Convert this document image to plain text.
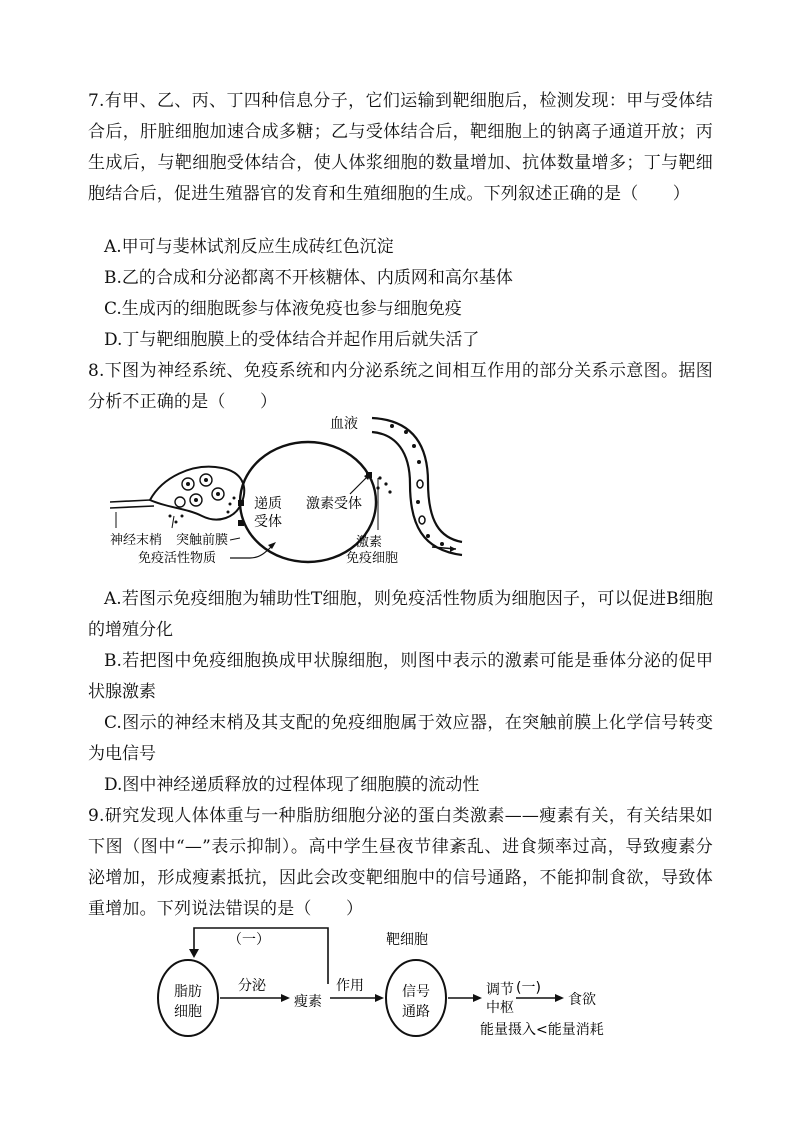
7.有甲、乙、丙、丁四种信息分子，它们运输到靶细胞后，检测发现：甲与受体结合后，肝脏细胞加速合成多糖；乙与受体结合后，靶细胞上的钠离子通道开放；丙生成后，与靶细胞受体结合，使人体浆细胞的数量增加、抗体数量增多；丁与靶细胞结合后，促进生殖器官的发育和生殖细胞的生成。下列叙述正确的是（　　）
A.甲可与斐林试剂反应生成砖红色沉淀
B.乙的合成和分泌都离不开核糖体、内质网和高尔基体
C.生成丙的细胞既参与体液免疫也参与细胞免疫
D.丁与靶细胞膜上的受体结合并起作用后就失活了
8.下图为神经系统、免疫系统和内分泌系统之间相互作用的部分关系示意图。据图分析不正确的是（　　）
血液
递质
受体
激素受体
神经末梢 突触前膜
免疫活性物质
激素
免疫细胞
A.若图示免疫细胞为辅助性T细胞，则免疫活性物质为细胞因子，可以促进B细胞的增殖分化
B.若把图中免疫细胞换成甲状腺细胞，则图中表示的激素可能是垂体分泌的促甲状腺激素
C.图示的神经末梢及其支配的免疫细胞属于效应器，在突触前膜上化学信号转变为电信号
D.图中神经递质释放的过程体现了细胞膜的流动性
9.研究发现人体体重与一种脂肪细胞分泌的蛋白类激素——瘦素有关，有关结果如下图（图中“—”表示抑制）。高中学生昼夜节律紊乱、进食频率过高，导致瘦素分泌增加，形成瘦素抵抗，因此会改变靶细胞中的信号通路，不能抑制食欲，导致体重增加。下列说法错误的是（　　）
（一）
脂肪
细胞
分泌
瘦素
作用
靶细胞
信号
通路
调节
中枢
(一)
食欲
能量摄入<能量消耗
